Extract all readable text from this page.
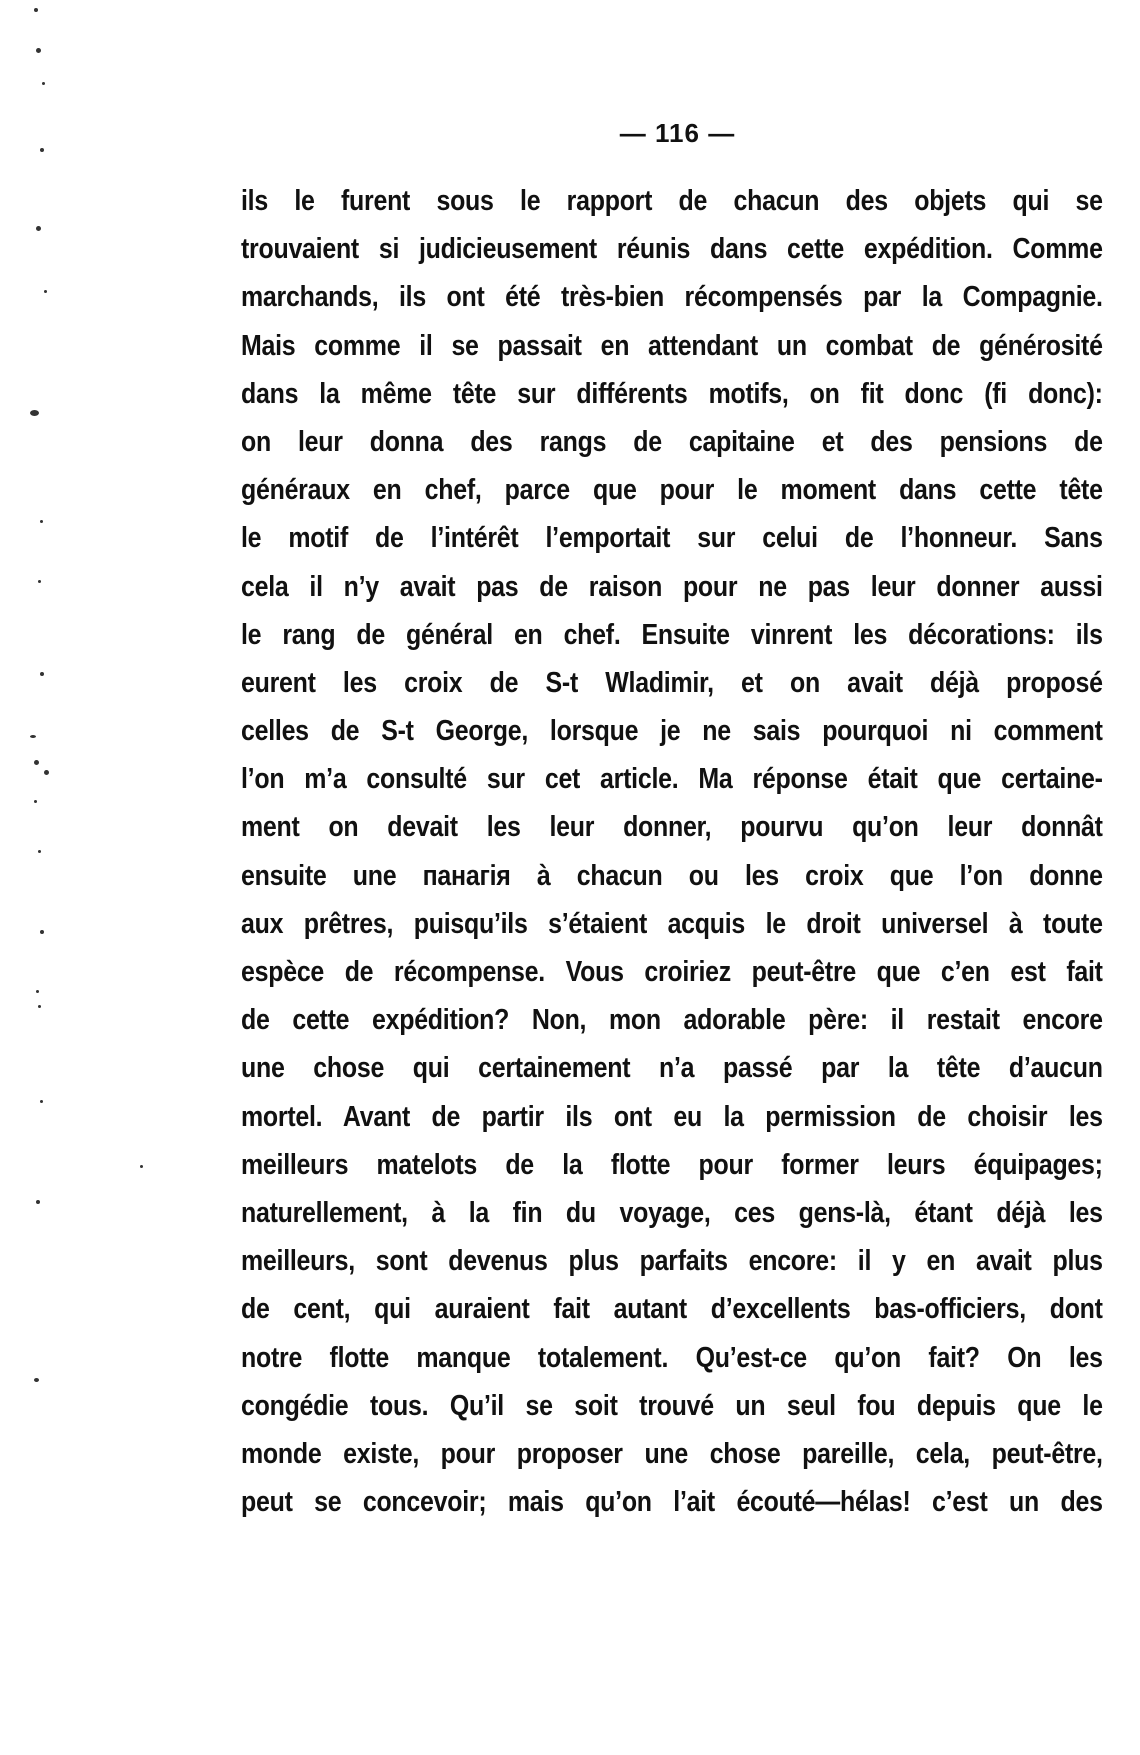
— 116 —
ils le furent sous le rapport de chacun des objets qui se
trouvaient si judicieusement réunis dans cette expédition. Comme
marchands, ils ont été très-bien récompensés par la Compagnie.
Mais comme il se passait en attendant un combat de générosité
dans la même tête sur différents motifs, on fit donc (fi donc):
on leur donna des rangs de capitaine et des pensions de
généraux en chef, parce que pour le moment dans cette tête
le motif de l’intérêt l’emportait sur celui de l’honneur. Sans
cela il n’y avait pas de raison pour ne pas leur donner aussi
le rang de général en chef. Ensuite vinrent les décorations: ils
eurent les croix de S-t Wladimir, et on avait déjà proposé
celles de S-t George, lorsque je ne sais pourquoi ni comment
l’on m’a consulté sur cet article. Ma réponse était que certaine-
ment on devait les leur donner, pourvu qu’on leur donnât
ensuite une панагія à chacun ou les croix que l’on donne
aux prêtres, puisqu’ils s’étaient acquis le droit universel à toute
espèce de récompense. Vous croiriez peut-être que c’en est fait
de cette expédition? Non, mon adorable père: il restait encore
une chose qui certainement n’a passé par la tête d’aucun
mortel. Avant de partir ils ont eu la permission de choisir les
meilleurs matelots de la flotte pour former leurs équipages;
naturellement, à la fin du voyage, ces gens-là, étant déjà les
meilleurs, sont devenus plus parfaits encore: il y en avait plus
de cent, qui auraient fait autant d’excellents bas-officiers, dont
notre flotte manque totalement. Qu’est-ce qu’on fait? On les
congédie tous. Qu’il se soit trouvé un seul fou depuis que le
monde existe, pour proposer une chose pareille, cela, peut-être,
peut se concevoir; mais qu’on l’ait écouté—hélas! c’est un des
